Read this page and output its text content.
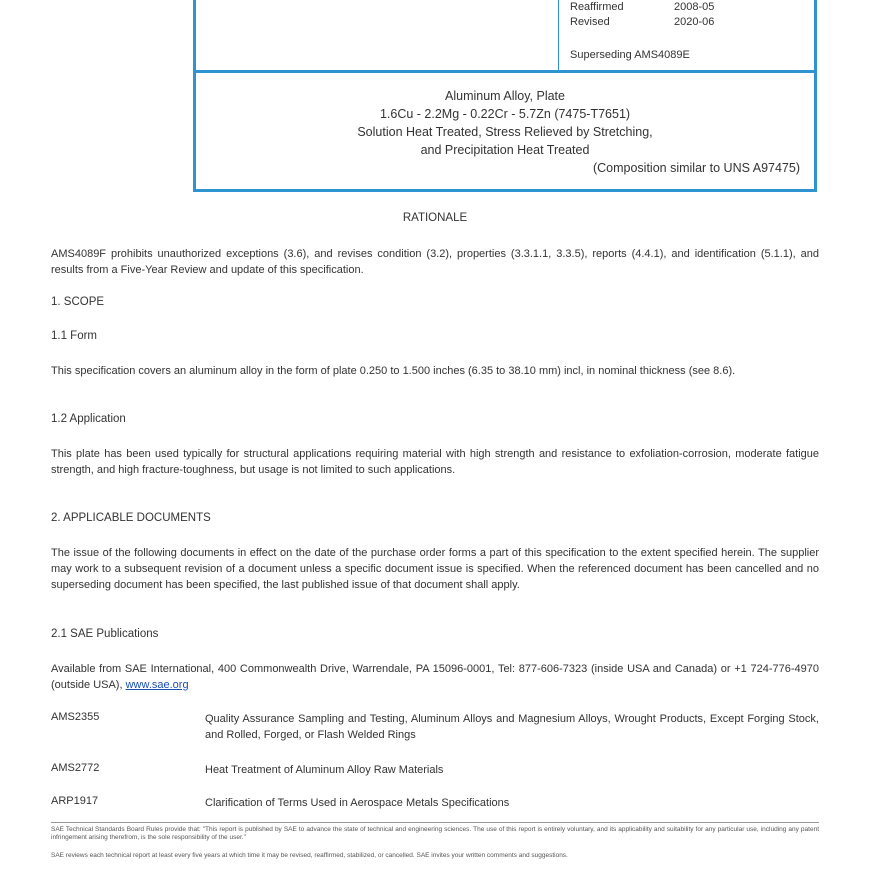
Reaffirmed	2008-05
Revised	2020-06
Superseding AMS4089E
Aluminum Alloy, Plate
1.6Cu - 2.2Mg - 0.22Cr - 5.7Zn (7475-T7651)
Solution Heat Treated, Stress Relieved by Stretching,
and Precipitation Heat Treated
(Composition similar to UNS A97475)
RATIONALE
AMS4089F prohibits unauthorized exceptions (3.6), and revises condition (3.2), properties (3.3.1.1, 3.3.5), reports (4.4.1), and identification (5.1.1), and results from a Five-Year Review and update of this specification.
1. SCOPE
1.1 Form
This specification covers an aluminum alloy in the form of plate 0.250 to 1.500 inches (6.35 to 38.10 mm) incl, in nominal thickness (see 8.6).
1.2 Application
This plate has been used typically for structural applications requiring material with high strength and resistance to exfoliation-corrosion, moderate fatigue strength, and high fracture-toughness, but usage is not limited to such applications.
2. APPLICABLE DOCUMENTS
The issue of the following documents in effect on the date of the purchase order forms a part of this specification to the extent specified herein. The supplier may work to a subsequent revision of a document unless a specific document issue is specified. When the referenced document has been cancelled and no superseding document has been specified, the last published issue of that document shall apply.
2.1 SAE Publications
Available from SAE International, 400 Commonwealth Drive, Warrendale, PA 15096-0001, Tel: 877-606-7323 (inside USA and Canada) or +1 724-776-4970 (outside USA), www.sae.org
AMS2355	Quality Assurance Sampling and Testing, Aluminum Alloys and Magnesium Alloys, Wrought Products, Except Forging Stock, and Rolled, Forged, or Flash Welded Rings
AMS2772	Heat Treatment of Aluminum Alloy Raw Materials
ARP1917	Clarification of Terms Used in Aerospace Metals Specifications
SAE Technical Standards Board Rules provide that: "This report is published by SAE to advance the state of technical and engineering sciences. The use of this report is entirely voluntary, and its applicability and suitability for any particular use, including any patent infringement arising therefrom, is the sole responsibility of the user."
SAE reviews each technical report at least every five years at which time it may be revised, reaffirmed, stabilized, or cancelled. SAE invites your written comments and suggestions.
